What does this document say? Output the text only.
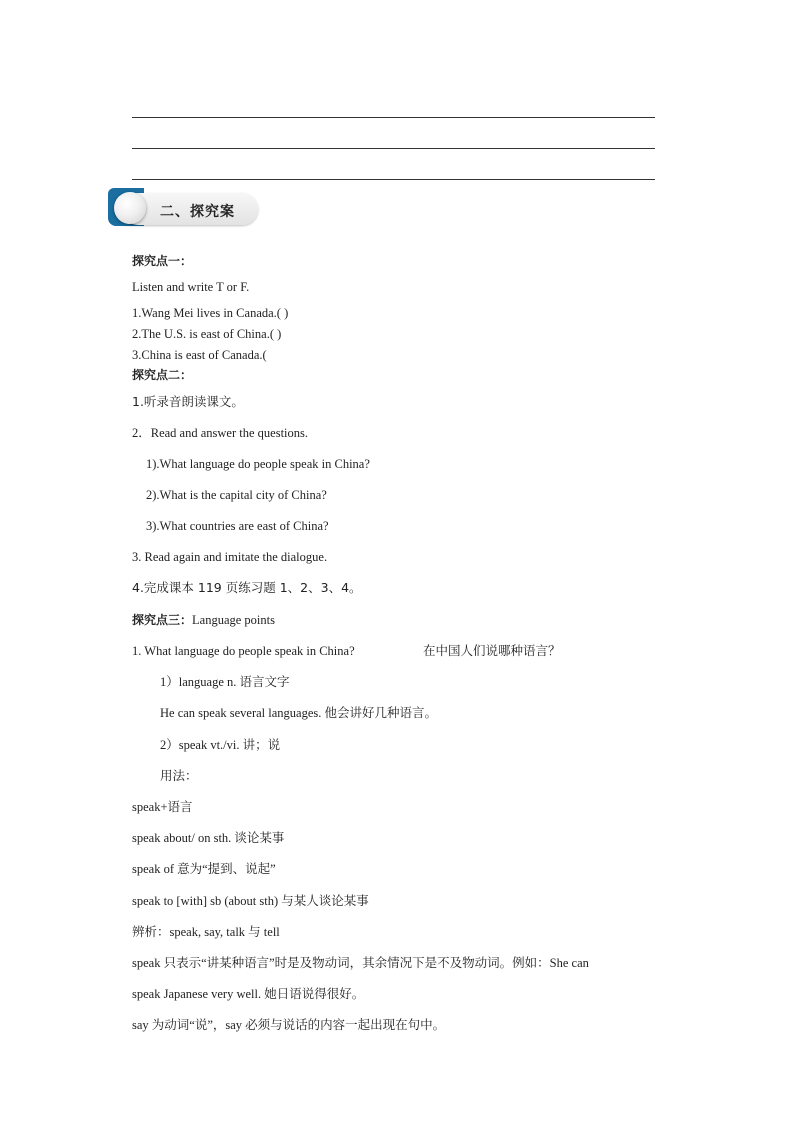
二、探究案
探究点一：
Listen and write T or F.
1.Wang Mei lives in Canada.( )
2.The U.S. is east of China.( )
3.China is east of Canada.(
探究点二：
1.听录音朗读课文。
2．Read and answer the questions.
1).What language do people speak in China?
2).What is the capital city of China?
3).What countries are east of China?
3. Read again and imitate the dialogue.
4.完成课本 119 页练习题 1、2、3、4。
探究点三：Language points
1. What language do people speak in China?	在中国人们说哪种语言？
1）language n. 语言文字
He can speak several languages. 他会讲好几种语言。
2）speak vt./vi. 讲；说
用法：
speak+语言
speak about/ on sth. 谈论某事
speak of 意为“提到、说起”
speak to [with] sb (about sth) 与某人谈论某事
辨析：speak, say, talk 与 tell
speak 只表示“讲某种语言”时是及物动词，其余情况下是不及物动词。例如：She can
speak Japanese very well. 她日语说得很好。
say 为动词“说”，say 必须与说话的内容一起出现在句中。
